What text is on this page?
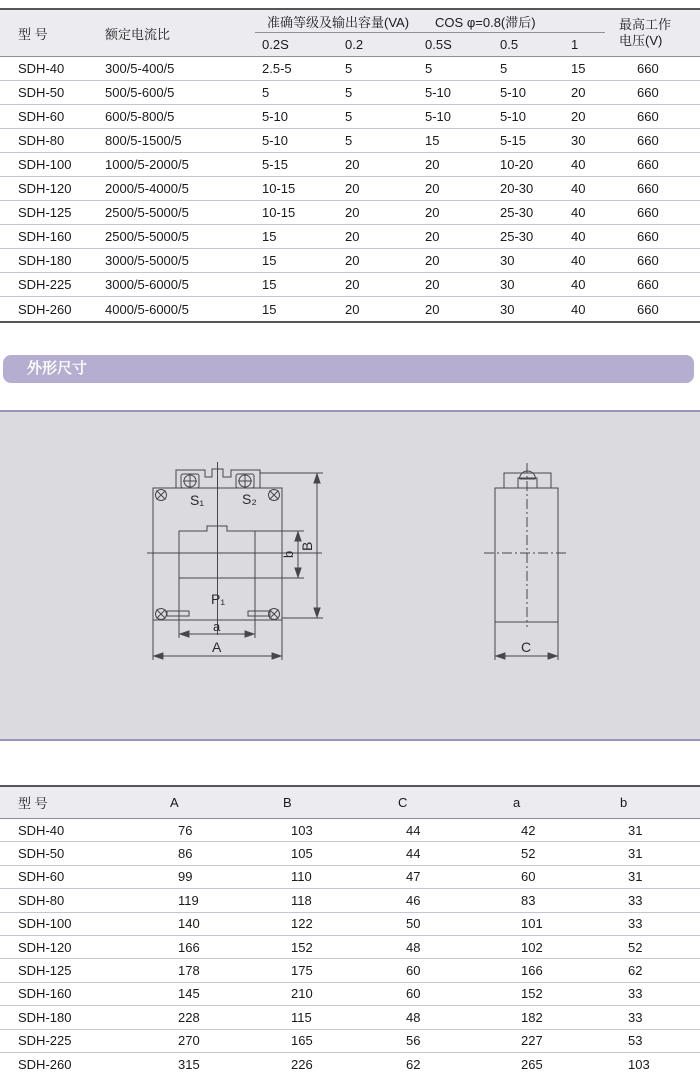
型 号	额定电流比
准确等级及输出容量(VA) COS φ=0.8(滞后)
0.2S	0.2	0.5S	0.5	1
最高工作
电压(V)
SDH-40	300/5-400/5	2.5-5	5	5	5	15	660
SDH-50	500/5-600/5	5	5	5-10	5-10	20	660
SDH-60	600/5-800/5	5-10	5	5-10	5-10	20	660
SDH-80	800/5-1500/5	5-10	5	15	5-15	30	660
SDH-100	1000/5-2000/5	5-15	20	20	10-20	40	660
SDH-120	2000/5-4000/5	10-15	20	20	20-30	40	660
SDH-125	2500/5-5000/5	10-15	20	20	25-30	40	660
SDH-160	2500/5-5000/5	15	20	20	25-30	40	660
SDH-180	3000/5-5000/5	15	20	20	30	40	660
SDH-225	3000/5-6000/5	15	20	20	30	40	660
SDH-260	4000/5-6000/5	15	20	20	30	40	660
外形尺寸
S₁	S₂
P₁
b
B
a
A	C
型 号	A	B	C	a	b
SDH-40	76	103	44	42	31
SDH-50	86	105	44	52	31
SDH-60	99	110	47	60	31
SDH-80	119	118	46	83	33
SDH-100	140	122	50	101	33
SDH-120	166	152	48	102	52
SDH-125	178	175	60	166	62
SDH-160	145	210	60	152	33
SDH-180	228	115	48	182	33
SDH-225	270	165	56	227	53
SDH-260	315	226	62	265	103
